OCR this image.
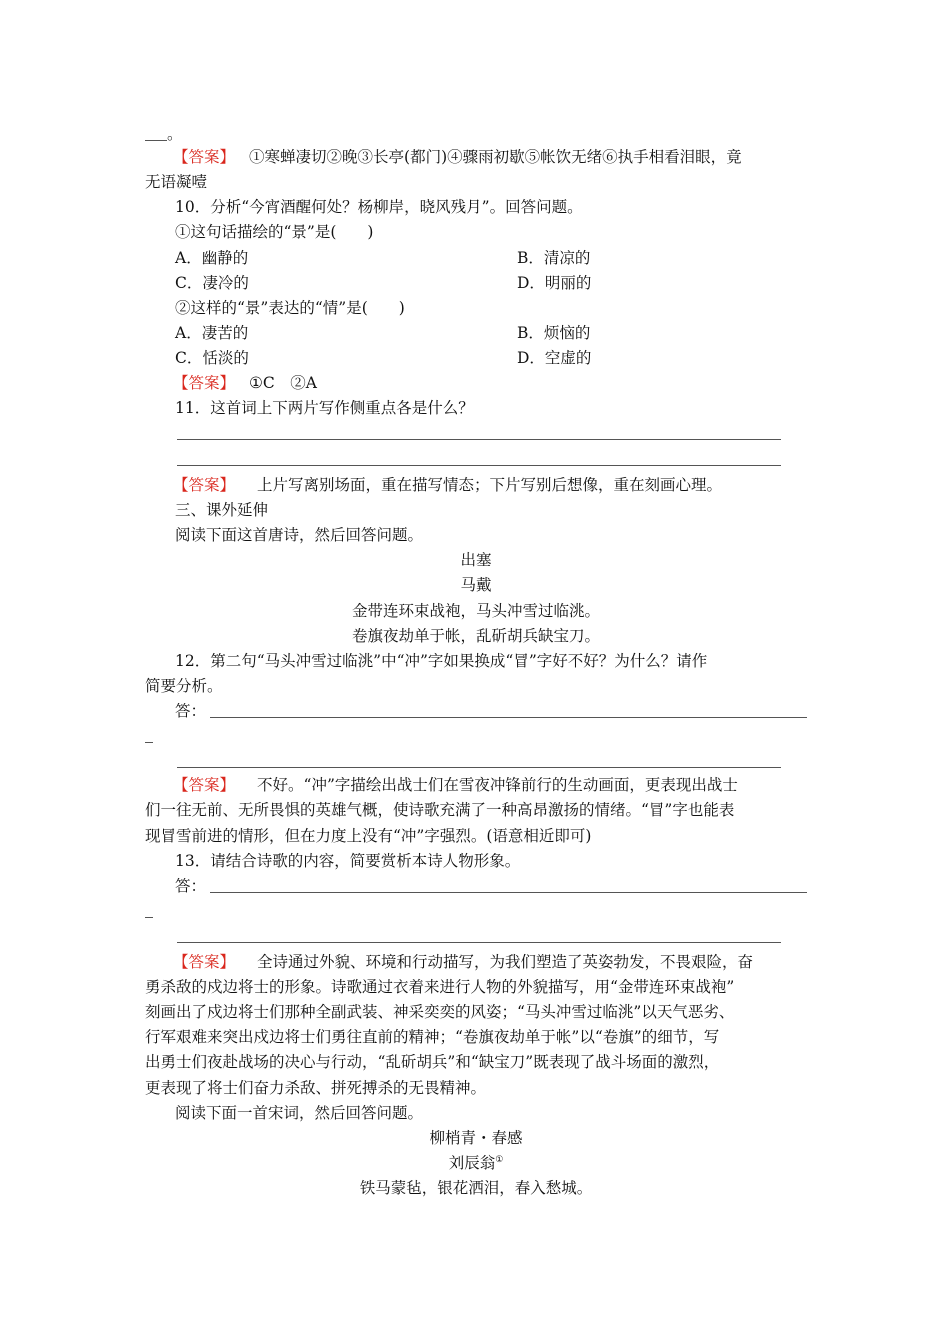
。
【答案】 ①寒蝉凄切②晚③长亭(都门)④骤雨初歇⑤帐饮无绪⑥执手相看泪眼，竟
无语凝噎
10．分析“今宵酒醒何处？杨柳岸，晓风残月”。回答问题。
①这句话描绘的“景”是(　　)
A．幽静的	B．清凉的
C．凄冷的	D．明丽的
②这样的“景”表达的“情”是(　　)
A．凄苦的	B．烦恼的
C．恬淡的	D．空虚的
【答案】 ①C　②A
11．这首词上下两片写作侧重点各是什么？
【答案】 上片写离别场面，重在描写情态；下片写别后想像，重在刻画心理。
三、课外延伸
阅读下面这首唐诗，然后回答问题。
出塞
马戴
金带连环束战袍，马头冲雪过临洮。
卷旗夜劫单于帐，乱斫胡兵缺宝刀。
12．第二句“马头冲雪过临洮”中“冲”字如果换成“冒”字好不好？为什么？请作
简要分析。
答：
【答案】 不好。“冲”字描绘出战士们在雪夜冲锋前行的生动画面，更表现出战士
们一往无前、无所畏惧的英雄气概，使诗歌充满了一种高昂激扬的情绪。“冒”字也能表
现冒雪前进的情形，但在力度上没有“冲”字强烈。(语意相近即可)
13．请结合诗歌的内容，简要赏析本诗人物形象。
答：
【答案】 全诗通过外貌、环境和行动描写，为我们塑造了英姿勃发，不畏艰险，奋
勇杀敌的戍边将士的形象。诗歌通过衣着来进行人物的外貌描写，用“金带连环束战袍”
刻画出了戍边将士们那种全副武装、神采奕奕的风姿；“马头冲雪过临洮”以天气恶劣、
行军艰难来突出戍边将士们勇往直前的精神；“卷旗夜劫单于帐”以“卷旗”的细节，写
出勇士们夜赴战场的决心与行动，“乱斫胡兵”和“缺宝刀”既表现了战斗场面的激烈，
更表现了将士们奋力杀敌、拼死搏杀的无畏精神。
阅读下面一首宋词，然后回答问题。
柳梢青・春感
刘辰翁①
铁马蒙毡，银花洒泪，春入愁城。
